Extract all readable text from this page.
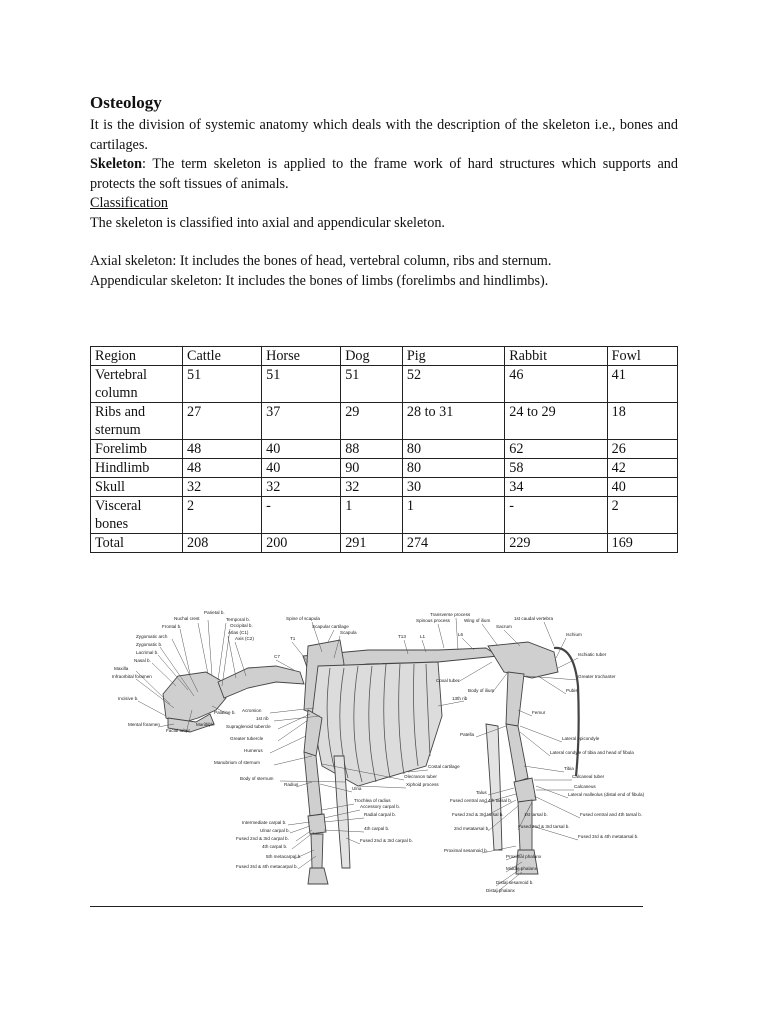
Osteology

It is the division of systemic anatomy which deals with the description of the skeleton i.e., bones and cartilages.

Skeleton: The term skeleton is applied to the frame work of hard structures which supports and protects the soft tissues of animals.

Classification

The skeleton is classified into axial and appendicular skeleton.

Axial skeleton: It includes the bones of head, vertebral column, ribs and sternum.

Appendicular skeleton: It includes the bones of limbs (forelimbs and hindlimbs).

Region	Cattle	Horse	Dog	Pig	Rabbit	Fowl
Vertebral column	51	51	51	52	46	41
Ribs and sternum	27	37	29	28 to 31	24 to 29	18
Forelimb	48	40	88	80	62	26
Hindlimb	48	40	90	80	58	42
Skull	32	32	32	30	34	40
Visceral bones	2	-	1	1	-	2
Total	208	200	291	274	229	169
Parietal b.
Nuchal crest	Temporal b.
Frontal b.	Occipital b.
Atlas (C1)
Axis (C2)
Zygomatic arch
Zygomatic b.
Lacrimal b.
Nasal b.
Maxilla
Infraorbital foramen
Incisive b.
Mental foramen
Facial tuber
Mandible
Palatine b.
Spine of scapula
Scapular cartilage
Scapula
T1
C7
Acromion
1st rib
Supraglenoid tubercle
Greater tubercle
Humerus
Manubrium of sternum
Body of sternum
Radius
Ulna
Trochlea of radius
Accessory carpal b.
Radial carpal b.
Intermediate carpal b.
Ulnar carpal b.
Fused 2nd & 3rd carpal b.
4th carpal b.
4th carpal b.
5th metacarpal b.
Fused 3rd & 4th metacarpal b.
Fused 2nd & 3rd carpal b.
Transverse process
Spinous process	Wing of ilium	1st caudal vertebra
Sacrum
T13	L1	L6	Ischium
Ischiatic tuber
Coxal tuber
Body of ilium
13th rib
Greater trochanter
Pubis
Femur
Patella
Lateral epicondyle
Lateral condyle of tibia and head of fibula
Tibia
Costal cartilage
Olecranon tuber
Xiphoid process
Calcaneal tuber
Calcaneus
Lateral malleolus (distal end of fibula)
Talus
Fused central and 4th tarsal b.
Fused 2nd & 3rd tarsal b.	1st tarsal b.
2nd metatarsal b.
Fused central and 4th tarsal b.
Fused 2nd & 3rd tarsal b.
Fused 3rd & 4th metatarsal b.
Proximal sesamoid b.
Proximal phalanx
Middle phalanx
Distal sesamoid b.
Distal phalanx
